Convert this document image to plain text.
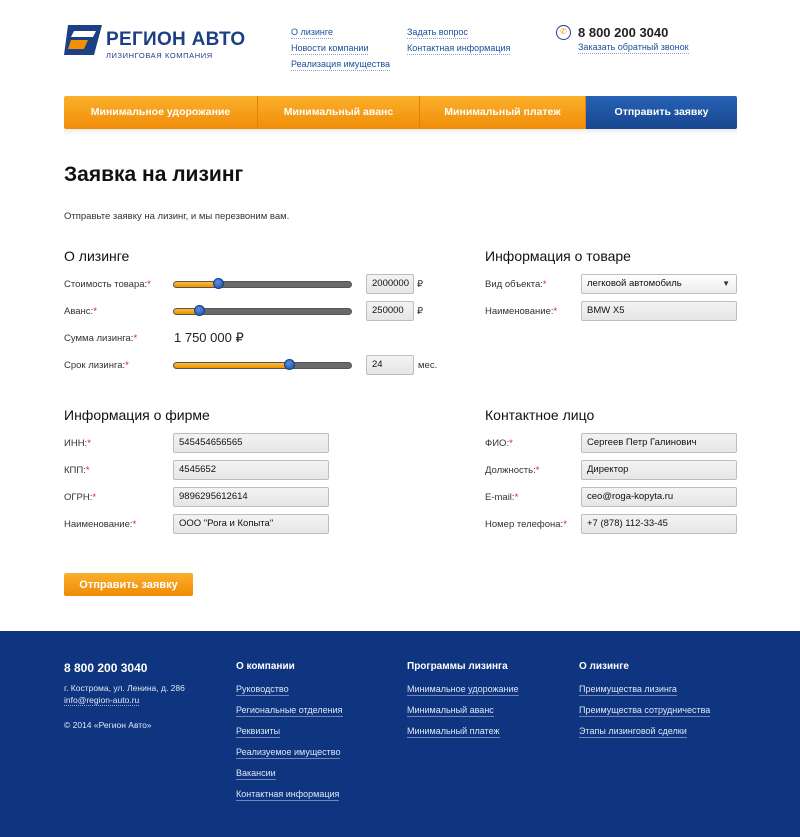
РЕГИОН АВТО
ЛИЗИНГОВАЯ КОМПАНИЯ
О лизинге
Новости компании
Реализация имущества
Задать вопрос
Контактная информация
✆ 8 800 200 3040
Заказать обратный звонок
Минимальное удорожание	Минимальный аванс	Минимальный платеж	Отправить заявку
Заявка на лизинг

Отправьте заявку на лизинг, и мы перезвоним вам.

О лизинге
Стоимость товара:*	2000000 ₽
Аванс:*	250000	₽
Сумма лизинга:*	1 750 000 ₽
Срок лизинга:*	24	мес.
Информация о товаре
Вид объекта:*	легковой автомобиль	▼
Наименование:*	BMW X5
Информация о фирме
ИНН:*	545454656565
КПП:*	4545652
ОГРН:*	9896295612614
Наименование:*	ООО "Рога и Копыта"
Контактное лицо
ФИО:*	Сергеев Петр Галинович
Должность:*	Директор
E-mail:*	ceo@roga-kopyta.ru
Номер телефона:*	+7 (878) 112-33-45
Отправить заявку
8 800 200 3040
г. Кострома, ул. Ленина, д. 286
info@region-auto.ru
© 2014 «Регион Авто»
О компании
Руководство
Региональные отделения
Реквизиты
Реализуемое имущество
Вакансии
Контактная информация
Программы лизинга
Минимальное удорожание
Минимальный аванс
Минимальный платеж
О лизинге
Преимущества лизинга
Преимущества сотрудничества
Этапы лизинговой сделки
